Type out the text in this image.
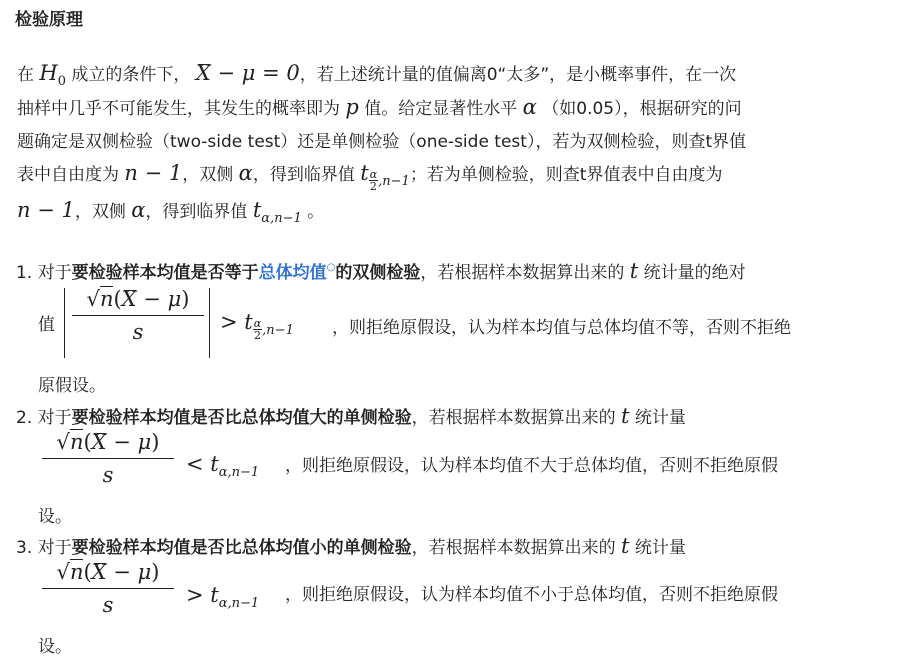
检验原理
在 $H_0$ 成立的条件下， X − μ = 0，若上述统计量的值偏离0“太多”，是小概率事件，在一次
抽样中几乎不可能发生，其发生的概率即为 p 值。给定显著性水平 α （如0.05），根据研究的问
题确定是双侧检验（two-side test）还是单侧检验（one-side test），若为双侧检验，则查t界值
表中自由度为 n − 1，双侧 α，得到临界值 t $\frac{\alpha}{2} _{,n-1}$；若为单侧检验，则查t界值表中自由度为
n − 1，双侧 α，得到临界值 $t_{\alpha,n-1}$ 。
1. 对于要检验样本均值是否等于总体均值○的双侧检验，若根据样本数据算出来的 t 统计量的绝对
值 $\frac{√n(X - \mu)}{s} > t \frac{\alpha}{2} _{,n-1}$ ，则拒绝原假设，认为样本均值与总体均值不等，否则不拒绝
原假设。
2. 对于要检验样本均值是否比总体均值大的单侧检验，若根据样本数据算出来的 t 统计量
$\frac{√n(X - \mu)}{s} < t_{\alpha,n-1}$ ，则拒绝原假设，认为样本均值不大于总体均值，否则不拒绝原假
设。
3. 对于要检验样本均值是否比总体均值小的单侧检验，若根据样本数据算出来的 t 统计量
$\frac{√n(X - \mu)}{s} > t_{\alpha,n-1}$ ，则拒绝原假设，认为样本均值不小于总体均值，否则不拒绝原假
设。
